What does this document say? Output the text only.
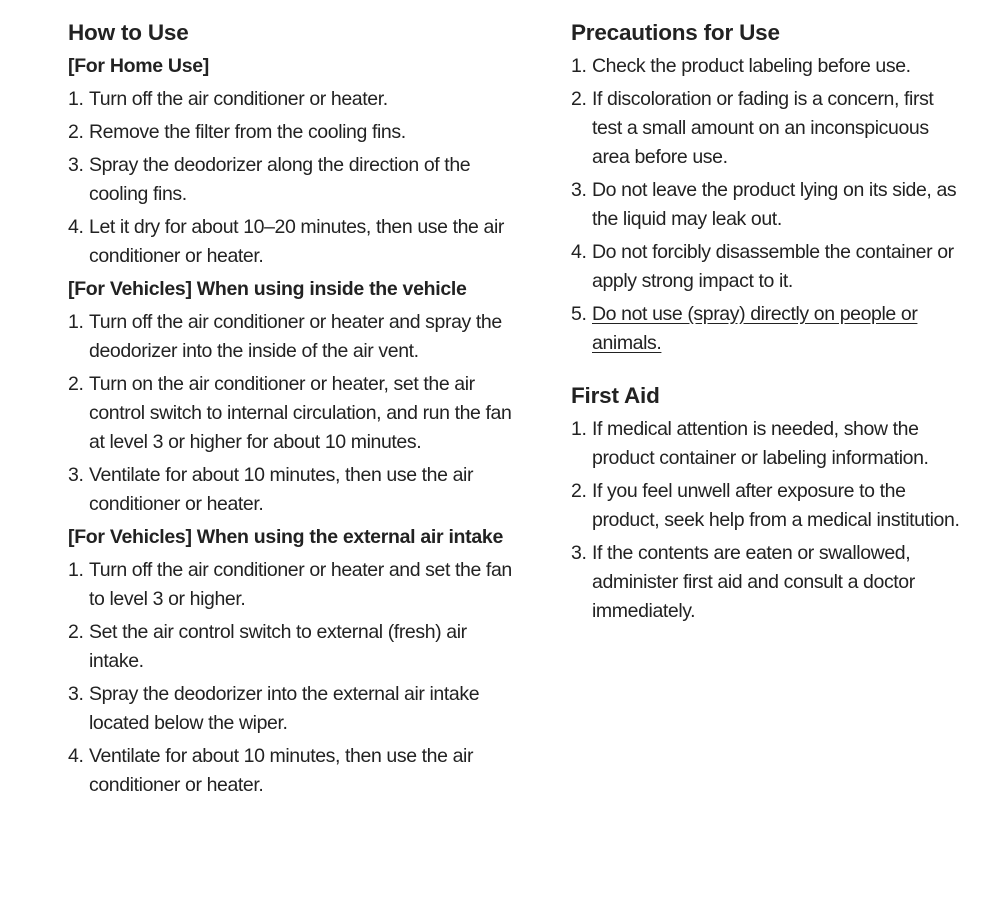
How to Use
[For Home Use]
1. Turn off the air conditioner or heater.
2. Remove the filter from the cooling fins.
3. Spray the deodorizer along the direction of the cooling fins.
4. Let it dry for about 10–20 minutes, then use the air conditioner or heater.
[For Vehicles] When using inside the vehicle
1. Turn off the air conditioner or heater and spray the deodorizer into the inside of the air vent.
2. Turn on the air conditioner or heater, set the air control switch to internal circulation, and run the fan at level 3 or higher for about 10 minutes.
3. Ventilate for about 10 minutes, then use the air conditioner or heater.
[For Vehicles] When using the external air intake
1. Turn off the air conditioner or heater and set the fan to level 3 or higher.
2. Set the air control switch to external (fresh) air intake.
3. Spray the deodorizer into the external air intake located below the wiper.
4. Ventilate for about 10 minutes, then use the air conditioner or heater.
Precautions for Use
1. Check the product labeling before use.
2. If discoloration or fading is a concern, first test a small amount on an inconspicuous area before use.
3. Do not leave the product lying on its side, as the liquid may leak out.
4. Do not forcibly disassemble the container or apply strong impact to it.
5. Do not use (spray) directly on people or animals.
First Aid
1. If medical attention is needed, show the product container or labeling information.
2. If you feel unwell after exposure to the product, seek help from a medical institution.
3. If the contents are eaten or swallowed, administer first aid and consult a doctor immediately.
